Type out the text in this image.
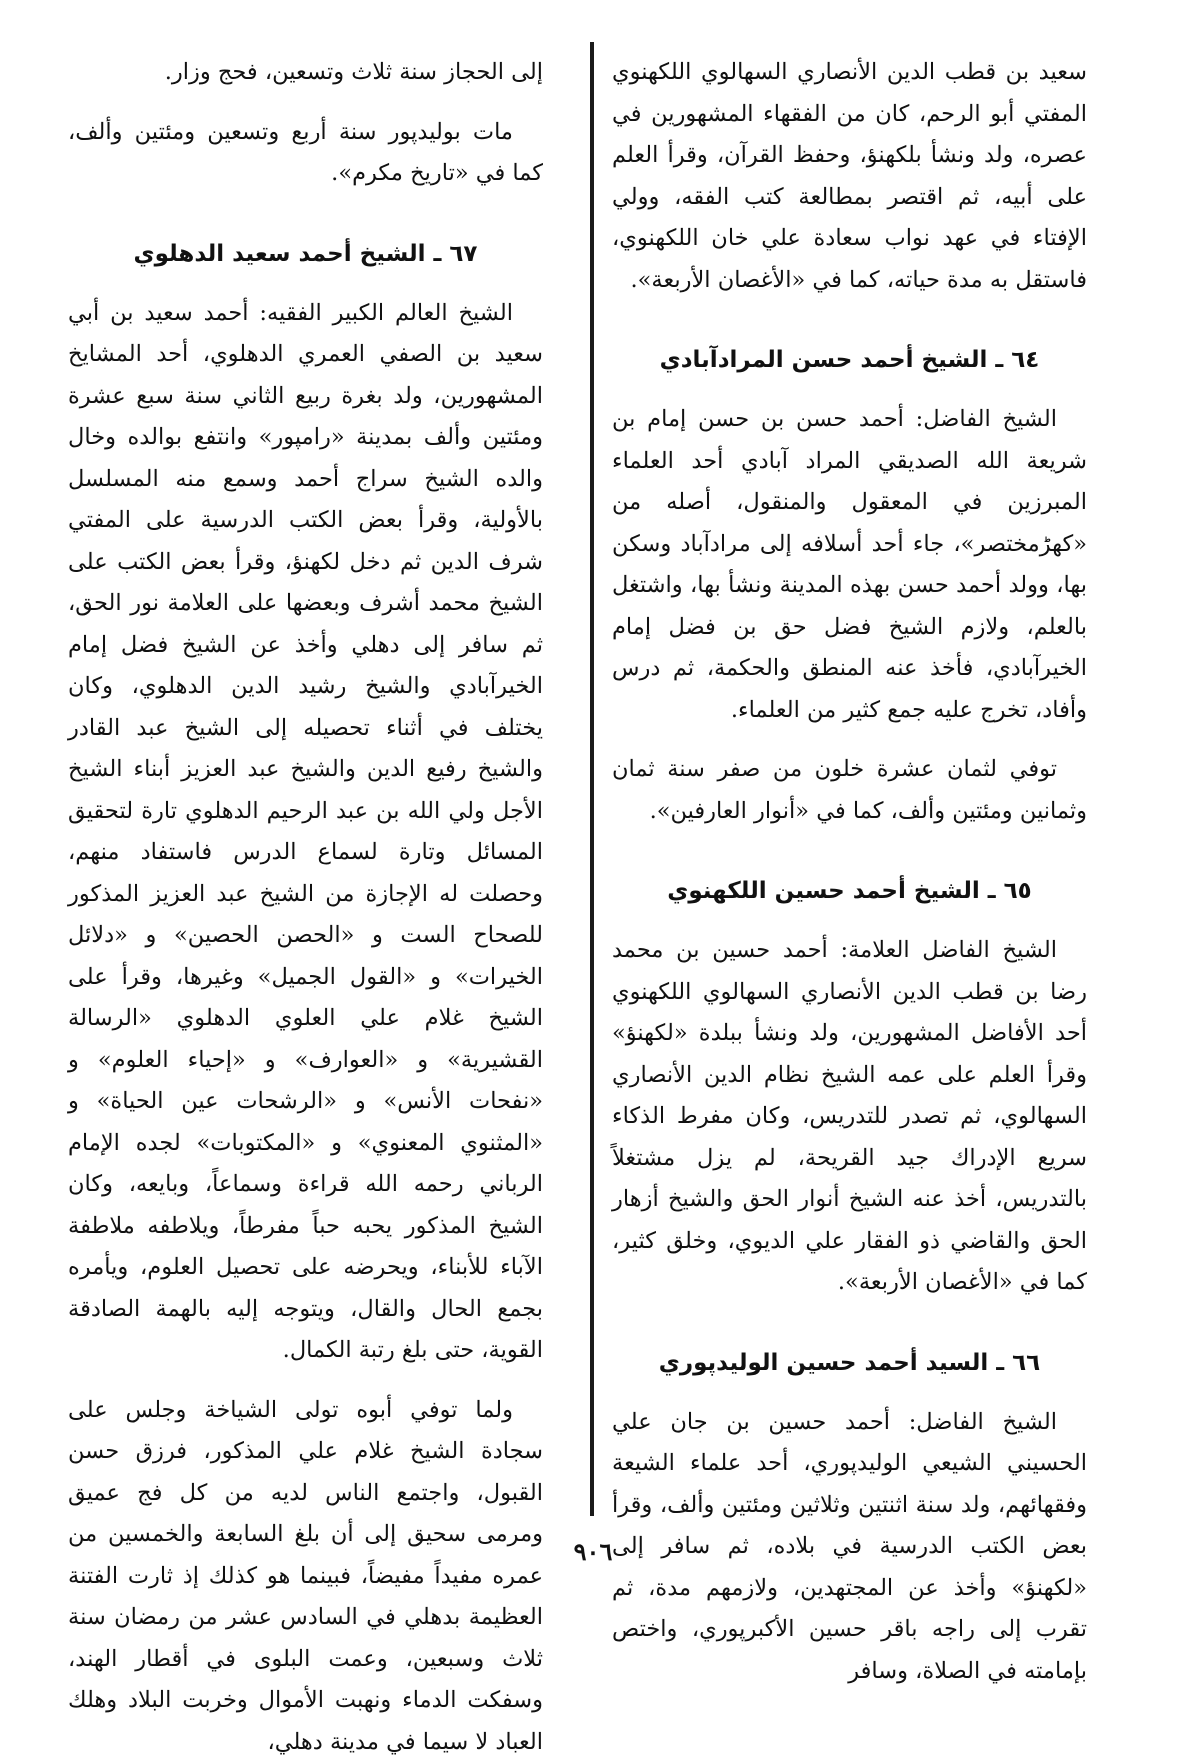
سعيد بن قطب الدين الأنصاري السهالوي اللكهنوي المفتي أبو الرحم، كان من الفقهاء المشهورين في عصره، ولد ونشأ بلكهنؤ، وحفظ القرآن، وقرأ العلم على أبيه، ثم اقتصر بمطالعة كتب الفقه، وولي الإفتاء في عهد نواب سعادة علي خان اللكهنوي، فاستقل به مدة حياته، كما في «الأغصان الأربعة».

٦٤ ـ الشيخ أحمد حسن المرادآبادي

الشيخ الفاضل: أحمد حسن بن حسن إمام بن شريعة الله الصديقي المراد آبادي أحد العلماء المبرزين في المعقول والمنقول، أصله من «كهڑمختصر»، جاء أحد أسلافه إلى مرادآباد وسكن بها، وولد أحمد حسن بهذه المدينة ونشأ بها، واشتغل بالعلم، ولازم الشيخ فضل حق بن فضل إمام الخيرآبادي، فأخذ عنه المنطق والحكمة، ثم درس وأفاد، تخرج عليه جمع كثير من العلماء.

توفي لثمان عشرة خلون من صفر سنة ثمان وثمانين ومئتين وألف، كما في «أنوار العارفين».

٦٥ ـ الشيخ أحمد حسين اللكهنوي

الشيخ الفاضل العلامة: أحمد حسين بن محمد رضا بن قطب الدين الأنصاري السهالوي اللكهنوي أحد الأفاضل المشهورين، ولد ونشأ ببلدة «لكهنؤ» وقرأ العلم على عمه الشيخ نظام الدين الأنصاري السهالوي، ثم تصدر للتدريس، وكان مفرط الذكاء سريع الإدراك جيد القريحة، لم يزل مشتغلاً بالتدريس، أخذ عنه الشيخ أنوار الحق والشيخ أزهار الحق والقاضي ذو الفقار علي الديوي، وخلق كثير، كما في «الأغصان الأربعة».

٦٦ ـ السيد أحمد حسين الوليدپوري

الشيخ الفاضل: أحمد حسين بن جان علي الحسيني الشيعي الوليدپوري، أحد علماء الشيعة وفقهائهم، ولد سنة اثنتين وثلاثين ومئتين وألف، وقرأ بعض الكتب الدرسية في بلاده، ثم سافر إلى «لكهنؤ» وأخذ عن المجتهدين، ولازمهم مدة، ثم تقرب إلى راجه باقر حسين الأكبرپوري، واختص بإمامته في الصلاة، وسافر

إلى الحجاز سنة ثلاث وتسعين، فحج وزار.

مات بوليدپور سنة أربع وتسعين ومئتين وألف، كما في «تاريخ مكرم».

٦٧ ـ الشيخ أحمد سعيد الدهلوي

الشيخ العالم الكبير الفقيه: أحمد سعيد بن أبي سعيد بن الصفي العمري الدهلوي، أحد المشايخ المشهورين، ولد بغرة ربيع الثاني سنة سبع عشرة ومئتين وألف بمدينة «رامپور» وانتفع بوالده وخال والده الشيخ سراج أحمد وسمع منه المسلسل بالأولية، وقرأ بعض الكتب الدرسية على المفتي شرف الدين ثم دخل لكهنؤ، وقرأ بعض الكتب على الشيخ محمد أشرف وبعضها على العلامة نور الحق، ثم سافر إلى دهلي وأخذ عن الشيخ فضل إمام الخيرآبادي والشيخ رشيد الدين الدهلوي، وكان يختلف في أثناء تحصيله إلى الشيخ عبد القادر والشيخ رفيع الدين والشيخ عبد العزيز أبناء الشيخ الأجل ولي الله بن عبد الرحيم الدهلوي تارة لتحقيق المسائل وتارة لسماع الدرس فاستفاد منهم، وحصلت له الإجازة من الشيخ عبد العزيز المذكور للصحاح الست و «الحصن الحصين» و «دلائل الخيرات» و «القول الجميل» وغيرها، وقرأ على الشيخ غلام علي العلوي الدهلوي «الرسالة القشيرية» و «العوارف» و «إحياء العلوم» و «نفحات الأنس» و «الرشحات عين الحياة» و «المثنوي المعنوي» و «المكتوبات» لجده الإمام الرباني رحمه الله قراءة وسماعاً، وبايعه، وكان الشيخ المذكور يحبه حباً مفرطاً، ويلاطفه ملاطفة الآباء للأبناء، ويحرضه على تحصيل العلوم، ويأمره بجمع الحال والقال، ويتوجه إليه بالهمة الصادقة القوية، حتى بلغ رتبة الكمال.

ولما توفي أبوه تولى الشياخة وجلس على سجادة الشيخ غلام علي المذكور، فرزق حسن القبول، واجتمع الناس لديه من كل فج عميق ومرمى سحيق إلى أن بلغ السابعة والخمسين من عمره مفيداً مفيضاً، فبينما هو كذلك إذ ثارت الفتنة العظيمة بدهلي في السادس عشر من رمضان سنة ثلاث وسبعين، وعمت البلوى في أقطار الهند، وسفكت الدماء ونهبت الأموال وخربت البلاد وهلك العباد لا سيما في مدينة دهلي،

٩٠٦
